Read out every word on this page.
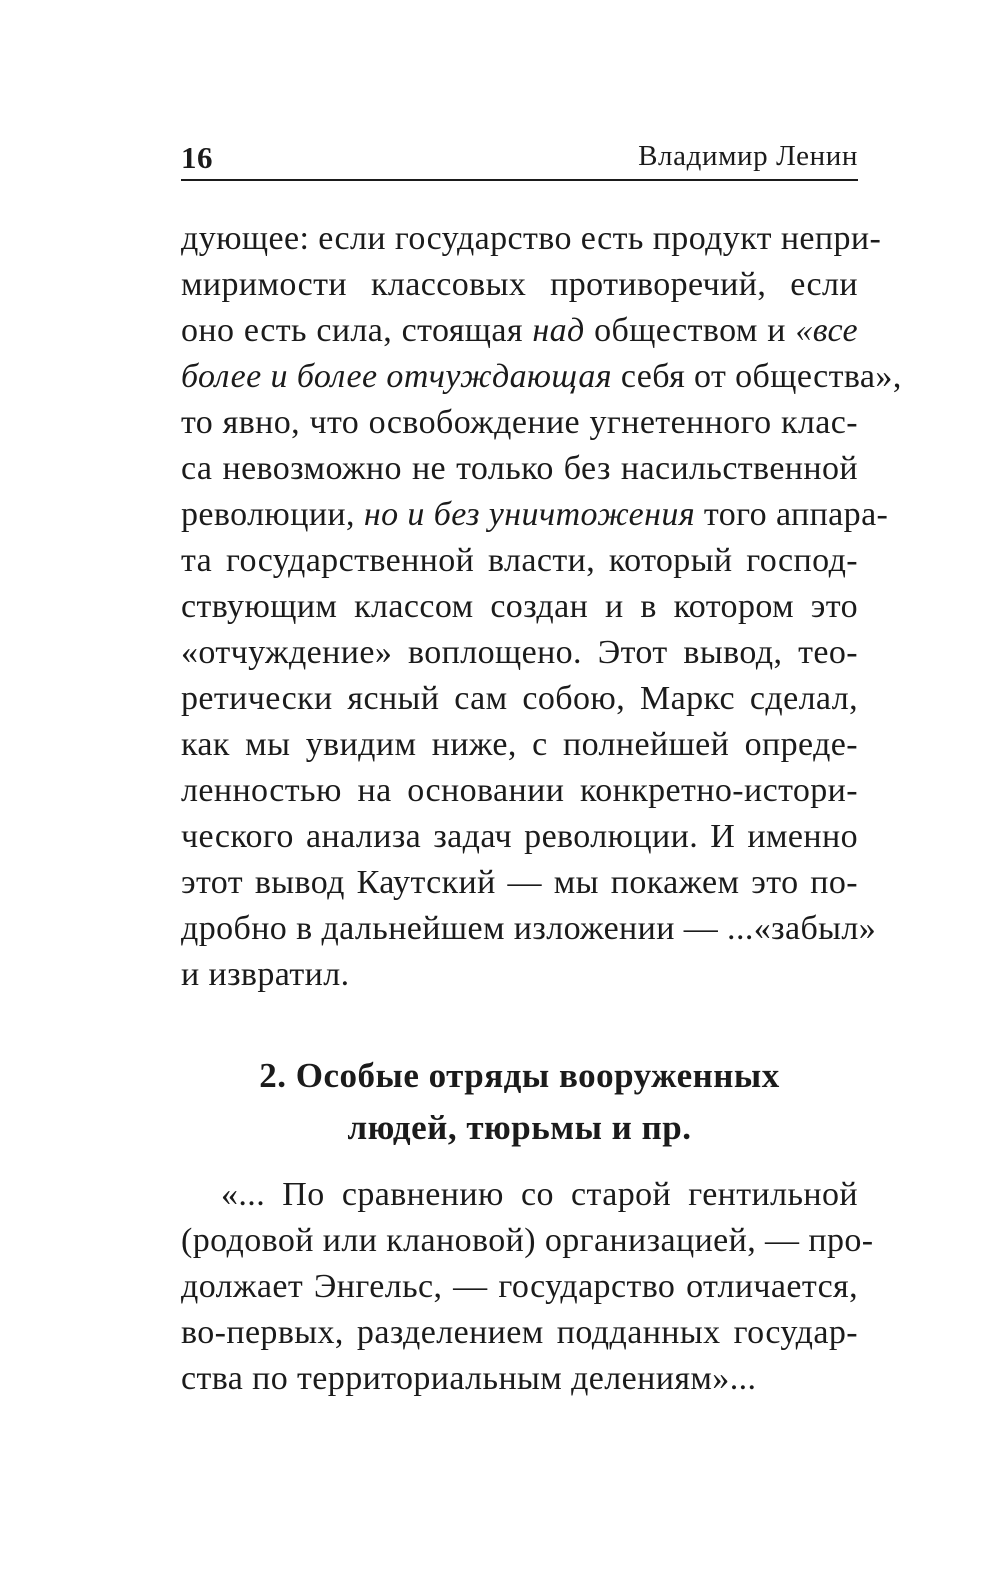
16	Владимир Ленин
дующее: если государство есть продукт непри-
миримости классовых противоречий, если
оно есть сила, стоящая над обществом и «все
более и более отчуждающая себя от общества»,
то явно, что освобождение угнетенного клас-
са невозможно не только без насильственной
революции, но и без уничтожения того аппара-
та государственной власти, который господ-
ствующим классом создан и в котором это
«отчуждение» воплощено. Этот вывод, тео-
ретически ясный сам собою, Маркс сделал,
как мы увидим ниже, с полнейшей опреде-
ленностью на основании конкретно-истори-
ческого анализа задач революции. И именно
этот вывод Каутский — мы покажем это по-
дробно в дальнейшем изложении — ...«забыл»
и извратил.
2. Особые отряды вооруженных
людей, тюрьмы и пр.
«... По сравнению со старой гентильной
(родовой или клановой) организацией, — про-
должает Энгельс, — государство отличается,
во-первых, разделением подданных государ-
ства по территориальным делениям»...
